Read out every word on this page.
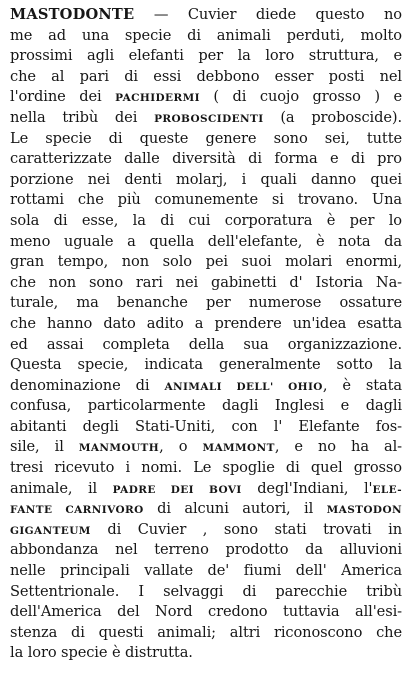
MASTODONTE — Cuvier diede questo no
me ad una specie di animali perduti, molto
prossimi agli elefanti per la loro struttura, e
che al pari di essi debbono esser posti nel
l'ordine dei PACHIDERMI ( di cuojo grosso ) e
nella tribù dei PROBOSCIDENTI (a proboscide).
Le specie di queste genere sono sei, tutte
caratterizzate dalle diversità di forma e di pro
porzione nei denti molarj, i quali danno quei
rottami che più comunemente si trovano. Una
sola di esse, la di cui corporatura è per lo
meno uguale a quella dell'elefante, è nota da
gran tempo, non solo pei suoi molari enormi,
che non sono rari nei gabinetti d' Istoria Na-
turale, ma benanche per numerose ossature
che hanno dato adito a prendere un'idea esatta
ed assai completa della sua organizzazione.
Questa specie, indicata generalmente sotto la
denominazione di ANIMALI DELL' OHIO, è stata
confusa, particolarmente dagli Inglesi e dagli
abitanti degli Stati-Uniti, con l' Elefante fos-
sile, il MANMOUTH, o MAMMONT, e no ha al-
tresi ricevuto i nomi. Le spoglie di quel grosso
animale, il PADRE DEI BOVI degl'Indiani, l'ELE-
FANTE CARNIVORO di alcuni autori, il MASTODON
GIGANTEUM di Cuvier , sono stati trovati in
abbondanza nel terreno prodotto da alluvioni
nelle principali vallate de' fiumi dell' America
Settentrionale. I selvaggi di parecchie tribù
dell'America del Nord credono tuttavia all'esi-
stenza di questi animali; altri riconoscono che
la loro specie è distrutta.
